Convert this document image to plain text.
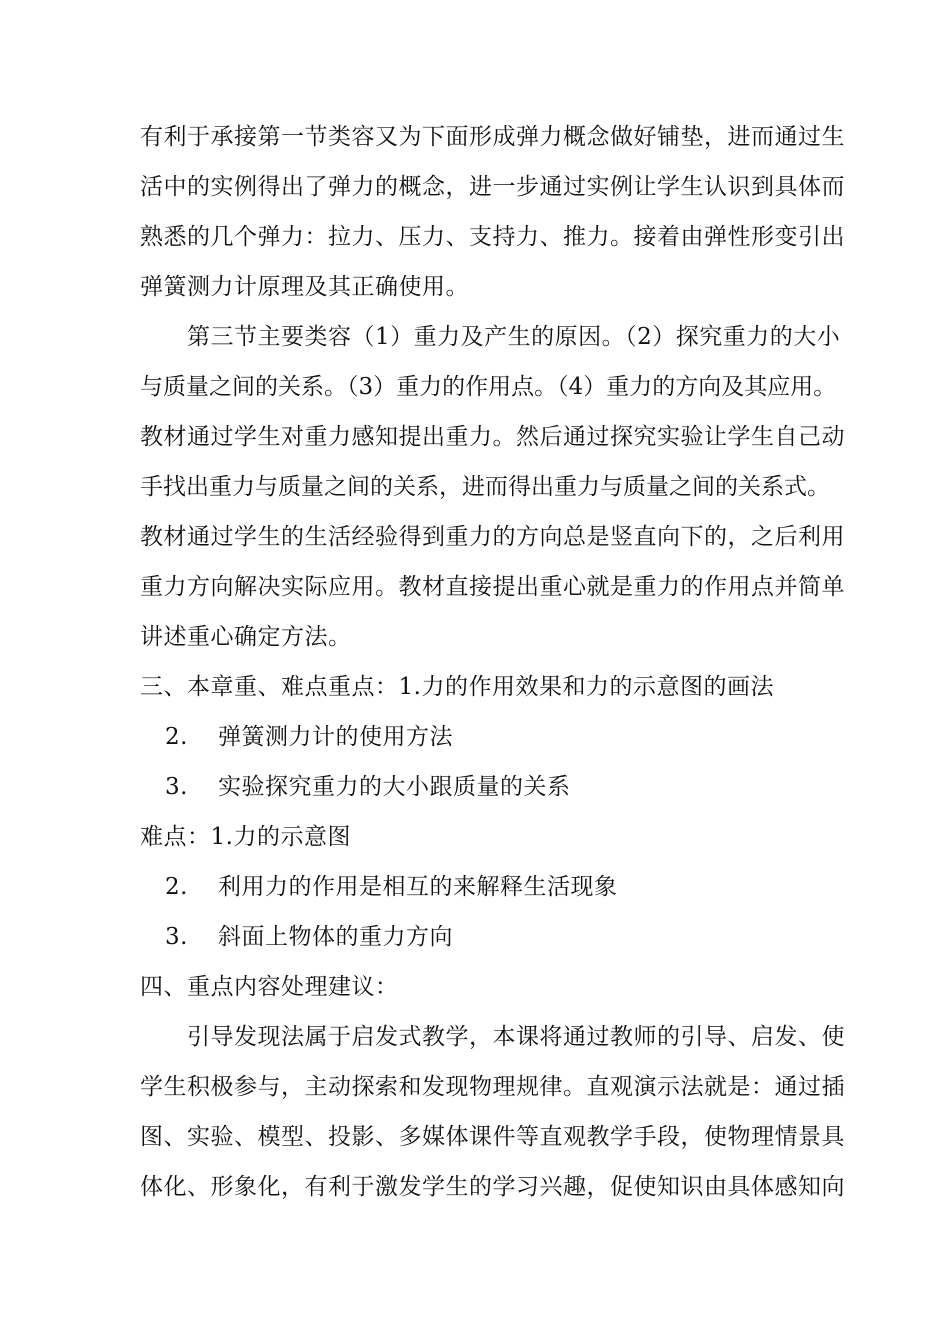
有利于承接第一节类容又为下面形成弹力概念做好铺垫，进而通过生
活中的实例得出了弹力的概念，进一步通过实例让学生认识到具体而
熟悉的几个弹力：拉力、压力、支持力、推力。接着由弹性形变引出
弹簧测力计原理及其正确使用。
第三节主要类容（1）重力及产生的原因。（2）探究重力的大小
与质量之间的关系。（3）重力的作用点。（4）重力的方向及其应用。
教材通过学生对重力感知提出重力。然后通过探究实验让学生自己动
手找出重力与质量之间的关系，进而得出重力与质量之间的关系式。
教材通过学生的生活经验得到重力的方向总是竖直向下的，之后利用
重力方向解决实际应用。教材直接提出重心就是重力的作用点并简单
讲述重心确定方法。
三、本章重、难点重点：1.力的作用效果和力的示意图的画法
2. 弹簧测力计的使用方法
3. 实验探究重力的大小跟质量的关系
难点：1.力的示意图
2. 利用力的作用是相互的来解释生活现象
3. 斜面上物体的重力方向
四、重点内容处理建议：
引导发现法属于启发式教学，本课将通过教师的引导、启发、使
学生积极参与，主动探索和发现物理规律。直观演示法就是：通过插
图、实验、模型、投影、多媒体课件等直观教学手段，使物理情景具
体化、形象化，有利于激发学生的学习兴趣，促使知识由具体感知向
